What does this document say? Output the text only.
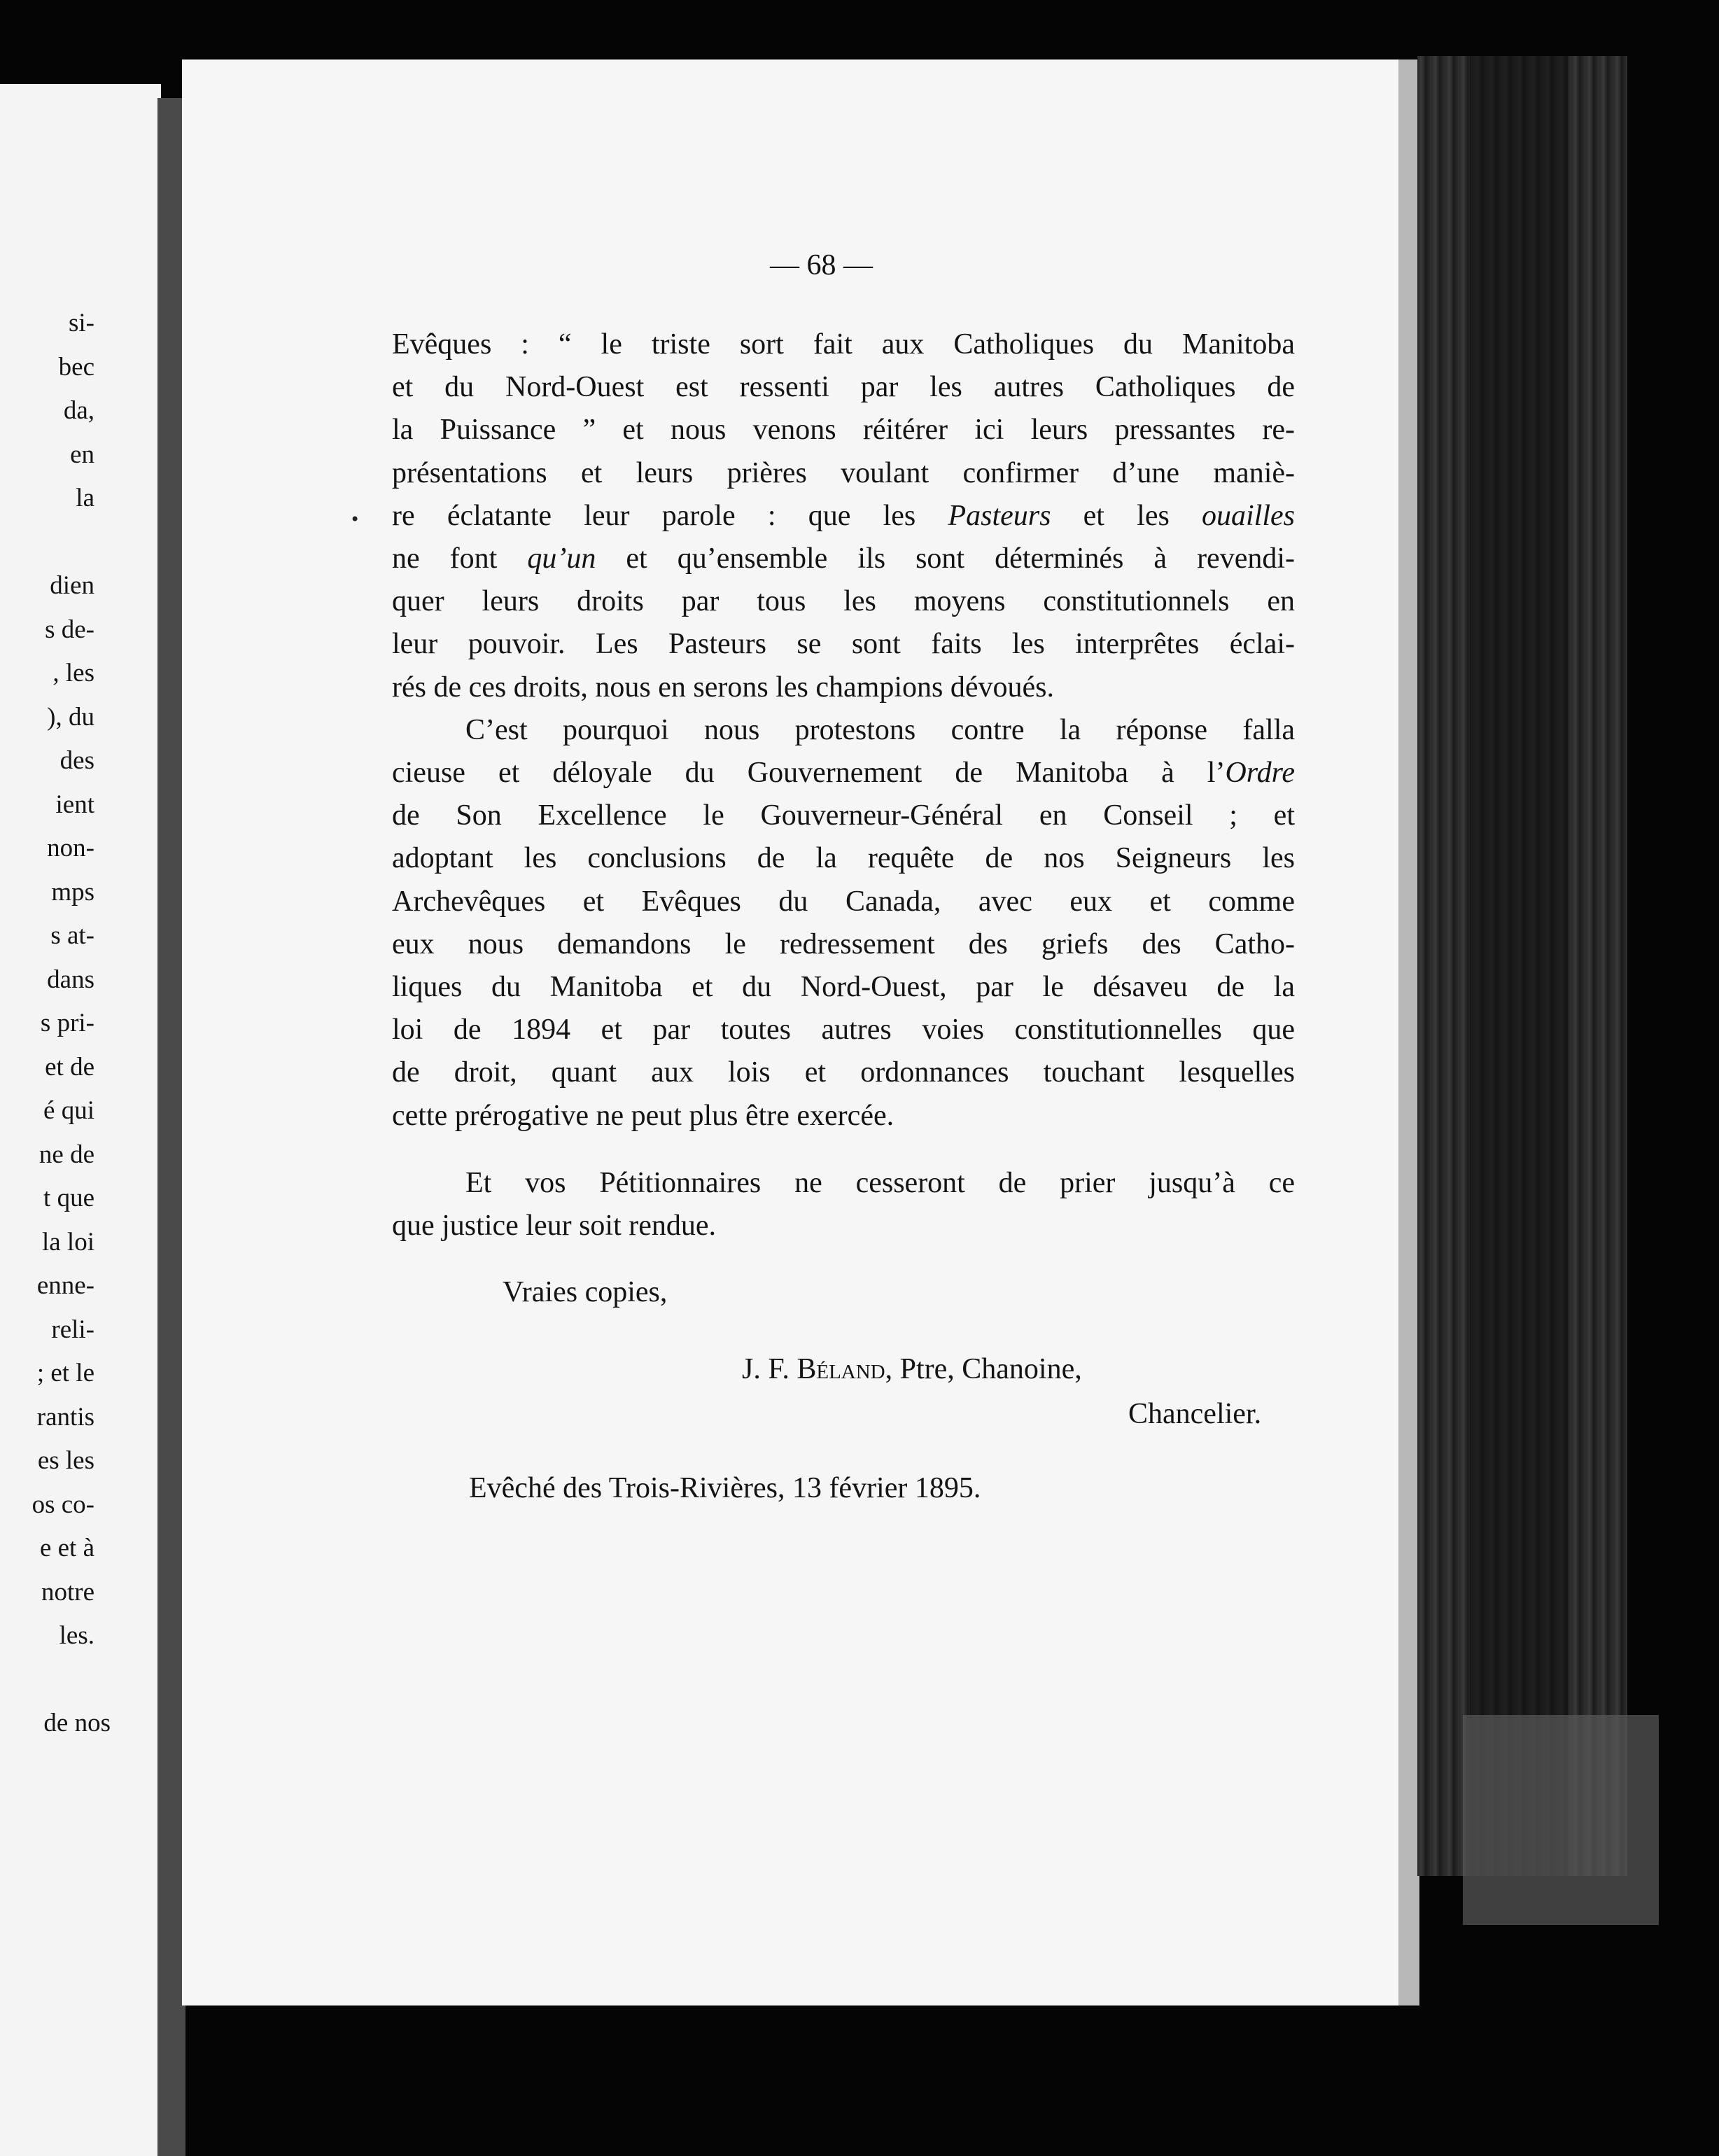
si-
bec
da,
en
la
dien
s de-
, les
), du
des
ient
non-
mps
s at-
dans
s pri-
et de
é qui
ne de
t que
la loi
enne-
reli-
; et le
rantis
es les
os co-
e et à
notre
les.
de nos
— 68 —
•
Evêques : “ le triste sort fait aux Catholiques du Manitoba
et du Nord-Ouest est ressenti par les autres Catholiques de
la Puissance ” et nous venons réitérer ici leurs pressantes re-
présentations et leurs prières voulant confirmer d’une maniè-
re éclatante leur parole : que les Pasteurs et les ouailles
ne font qu’un et qu’ensemble ils sont déterminés à revendi-
quer leurs droits par tous les moyens constitutionnels en
leur pouvoir. Les Pasteurs se sont faits les interprêtes éclai-
rés de ces droits, nous en serons les champions dévoués.
C’est pourquoi nous protestons contre la réponse falla
cieuse et déloyale du Gouvernement de Manitoba à l’Ordre
de Son Excellence le Gouverneur-Général en Conseil ; et
adoptant les conclusions de la requête de nos Seigneurs les
Archevêques et Evêques du Canada, avec eux et comme
eux nous demandons le redressement des griefs des Catho-
liques du Manitoba et du Nord-Ouest, par le désaveu de la
loi de 1894 et par toutes autres voies constitutionnelles que
de droit, quant aux lois et ordonnances touchant lesquelles
cette prérogative ne peut plus être exercée.
Et vos Pétitionnaires ne cesseront de prier jusqu’à ce
que justice leur soit rendue.
Vraies copies,
J. F. Béland, Ptre, Chanoine,
Chancelier.
Evêché des Trois-Rivières, 13 février 1895.
